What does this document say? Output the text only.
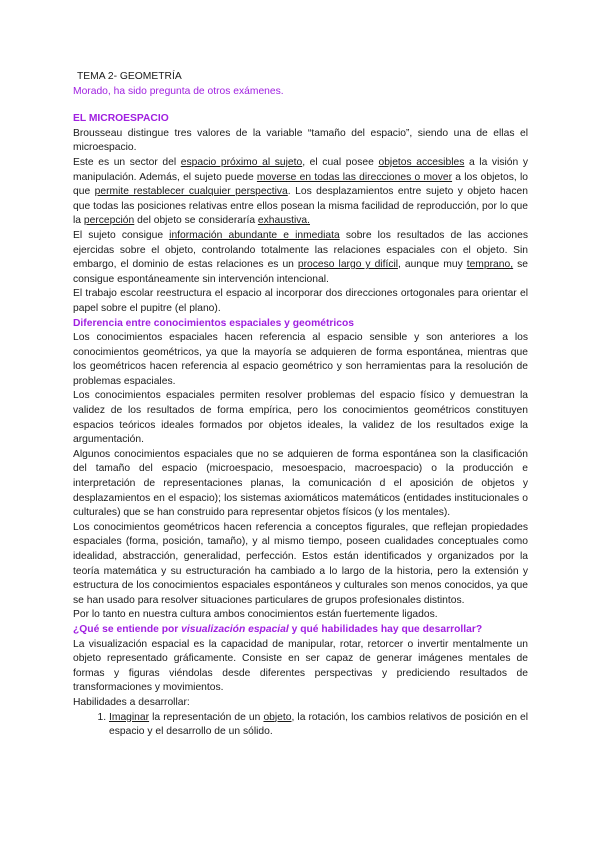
TEMA 2- GEOMETRÍA
Morado, ha sido pregunta de otros exámenes.
EL MICROESPACIO

Brousseau distingue tres valores de la variable “tamaño del espacio”, siendo una de ellas el microespacio.

Este es un sector del espacio próximo al sujeto, el cual posee objetos accesibles a la visión y manipulación. Además, el sujeto puede moverse en todas las direcciones o mover a los objetos, lo que permite restablecer cualquier perspectiva. Los desplazamientos entre sujeto y objeto hacen que todas las posiciones relativas entre ellos posean la misma facilidad de reproducción, por lo que la percepción del objeto se consideraría exhaustiva.

El sujeto consigue información abundante e inmediata sobre los resultados de las acciones ejercidas sobre el objeto, controlando totalmente las relaciones espaciales con el objeto. Sin embargo, el dominio de estas relaciones es un proceso largo y difícil, aunque muy temprano, se consigue espontáneamente sin intervención intencional.

El trabajo escolar reestructura el espacio al incorporar dos direcciones ortogonales para orientar el papel sobre el pupitre (el plano).

Diferencia entre conocimientos espaciales y geométricos

Los conocimientos espaciales hacen referencia al espacio sensible y son anteriores a los conocimientos geométricos, ya que la mayoría se adquieren de forma espontánea, mientras que los geométricos hacen referencia al espacio geométrico y son herramientas para la resolución de problemas espaciales.

Los conocimientos espaciales permiten resolver problemas del espacio físico y demuestran la validez de los resultados de forma empírica, pero los conocimientos geométricos constituyen espacios teóricos ideales formados por objetos ideales, la validez de los resultados exige la argumentación.

Algunos conocimientos espaciales que no se adquieren de forma espontánea son la clasificación del tamaño del espacio (microespacio, mesoespacio, macroespacio) o la producción e interpretación de representaciones planas, la comunicación d el aposición de objetos y desplazamientos en el espacio); los sistemas axiomáticos matemáticos (entidades institucionales o culturales) que se han construido para representar objetos físicos (y los mentales).

Los conocimientos geométricos hacen referencia a conceptos figurales, que reflejan propiedades espaciales (forma, posición, tamaño), y al mismo tiempo, poseen cualidades conceptuales como idealidad, abstracción, generalidad, perfección. Estos están identificados y organizados por la teoría matemática y su estructuración ha cambiado a lo largo de la historia, pero la extensión y estructura de los conocimientos espaciales espontáneos y culturales son menos conocidos, ya que se han usado para resolver situaciones particulares de grupos profesionales distintos.

Por lo tanto en nuestra cultura ambos conocimientos están fuertemente ligados.

¿Qué se entiende por visualización espacial y qué habilidades hay que desarrollar?

La visualización espacial es la capacidad de manipular, rotar, retorcer o invertir mentalmente un objeto representado gráficamente. Consiste en ser capaz de generar imágenes mentales de formas y figuras viéndolas desde diferentes perspectivas y prediciendo resultados de transformaciones y movimientos.

Habilidades a desarrollar:

1. Imaginar la representación de un objeto, la rotación, los cambios relativos de posición en el espacio y el desarrollo de un sólido.
